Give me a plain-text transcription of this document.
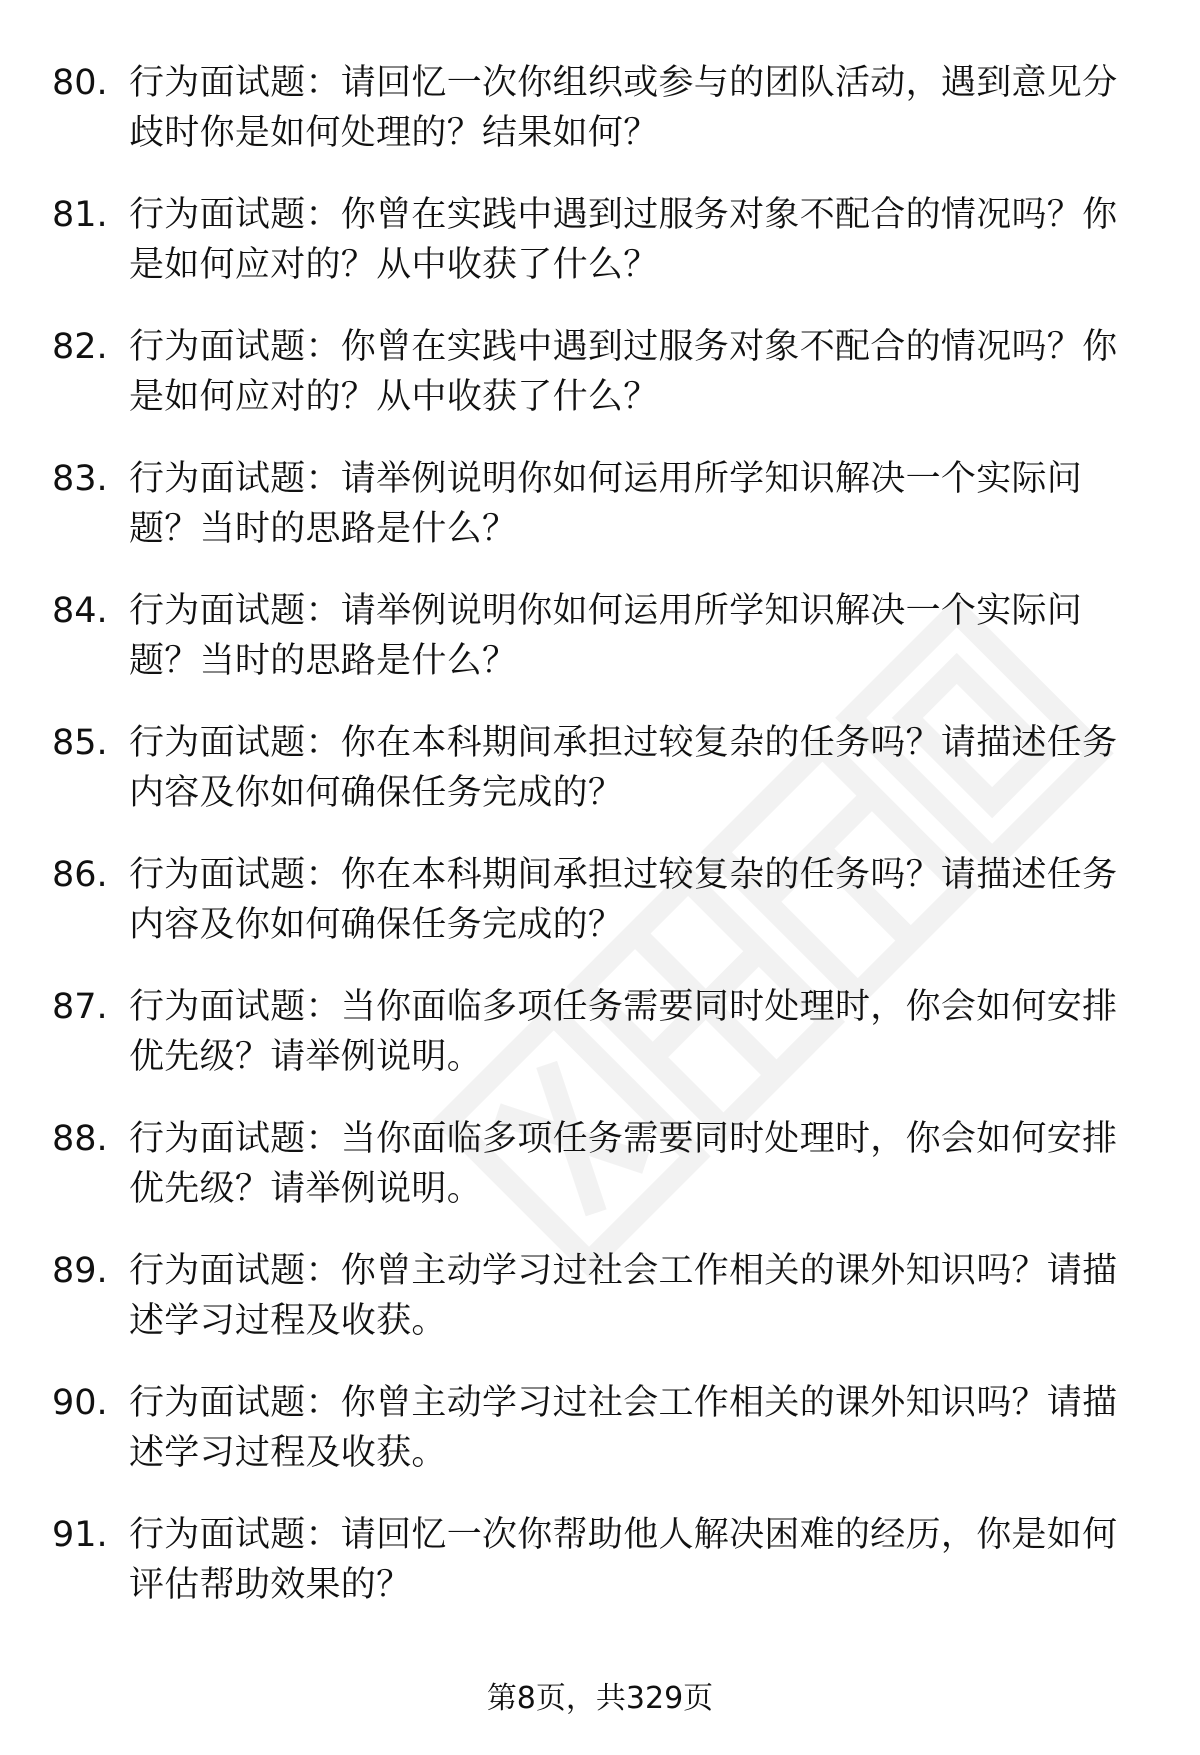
80. 行为面试题：请回忆一次你组织或参与的团队活动，遇到意见分歧时你是如何处理的？结果如何？
81. 行为面试题：你曾在实践中遇到过服务对象不配合的情况吗？你是如何应对的？从中收获了什么？
82. 行为面试题：你曾在实践中遇到过服务对象不配合的情况吗？你是如何应对的？从中收获了什么？
83. 行为面试题：请举例说明你如何运用所学知识解决一个实际问题？当时的思路是什么？
84. 行为面试题：请举例说明你如何运用所学知识解决一个实际问题？当时的思路是什么？
85. 行为面试题：你在本科期间承担过较复杂的任务吗？请描述任务内容及你如何确保任务完成的？
86. 行为面试题：你在本科期间承担过较复杂的任务吗？请描述任务内容及你如何确保任务完成的？
87. 行为面试题：当你面临多项任务需要同时处理时，你会如何安排优先级？请举例说明。
88. 行为面试题：当你面临多项任务需要同时处理时，你会如何安排优先级？请举例说明。
89. 行为面试题：你曾主动学习过社会工作相关的课外知识吗？请描述学习过程及收获。
90. 行为面试题：你曾主动学习过社会工作相关的课外知识吗？请描述学习过程及收获。
91. 行为面试题：请回忆一次你帮助他人解决困难的经历，你是如何评估帮助效果的？
第8页，共329页
